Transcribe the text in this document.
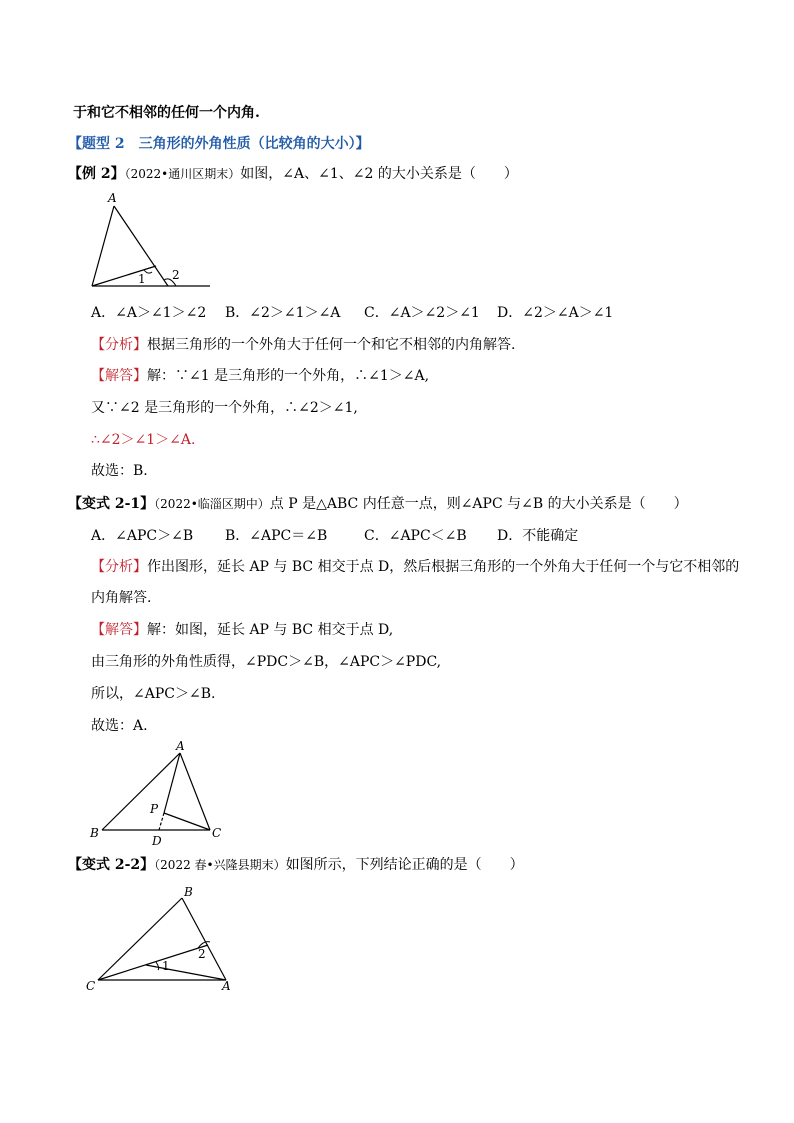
于和它不相邻的任何一个内角.
【题型 2　三角形的外角性质（比较角的大小）】
【例 2】（2022•通川区期末）如图，∠A、∠1、∠2 的大小关系是（　　）
A
1 2
A．∠A＞∠1＞∠2 B．∠2＞∠1＞∠A C．∠A＞∠2＞∠1 D．∠2＞∠A＞∠1
【分析】根据三角形的一个外角大于任何一个和它不相邻的内角解答.
【解答】解：∵∠1 是三角形的一个外角，∴∠1＞∠A,
又∵∠2 是三角形的一个外角，∴∠2＞∠1,
∴∠2＞∠1＞∠A.
故选：B.
【变式 2-1】（2022•临淄区期中）点 P 是△ABC 内任意一点，则∠APC 与∠B 的大小关系是（　　）
A．∠APC＞∠B B．∠APC＝∠B	C．∠APC＜∠B D．不能确定
【分析】作出图形，延长 AP 与 BC 相交于点 D，然后根据三角形的一个外角大于任何一个与它不相邻的
内角解答.
【解答】解：如图，延长 AP 与 BC 相交于点 D,
由三角形的外角性质得，∠PDC＞∠B，∠APC＞∠PDC,
所以，∠APC＞∠B.
故选：A.
A
B	C
P
D
【变式 2-2】（2022 春•兴隆县期末）如图所示，下列结论正确的是（　　）
B
C	A
1
2
